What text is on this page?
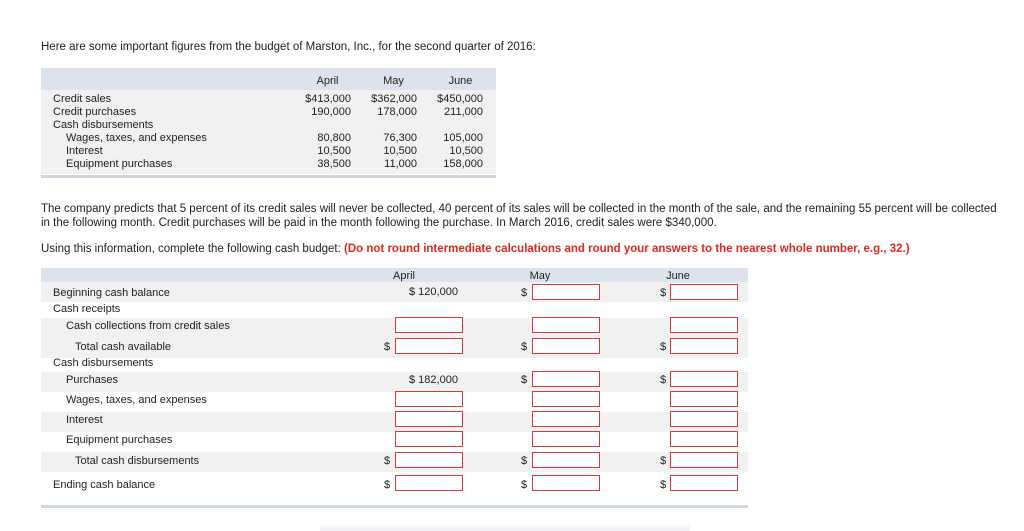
Here are some important figures from the budget of Marston, Inc., for the second quarter of 2016:
April	May	June
Credit sales	$413,000	$362,000	$450,000
Credit purchases	190,000	178,000	211,000
Cash disbursements
Wages, taxes, and expenses	80,800	76,300	105,000
Interest	10,500	10,500	10,500
Equipment purchases	38,500	11,000	158,000
The company predicts that 5 percent of its credit sales will never be collected, 40 percent of its sales will be collected in the month of the sale, and the remaining 55 percent will be collected in the following month. Credit purchases will be paid in the month following the purchase. In March 2016, credit sales were $340,000.
Using this information, complete the following cash budget: (Do not round intermediate calculations and round your answers to the nearest whole number, e.g., 32.)
April	May	June
Beginning cash balance	$ 120,000	$	$
Cash receipts
Cash collections from credit sales
Total cash available	$	$	$
Cash disbursements
Purchases	$ 182,000	$	$
Wages, taxes, and expenses
Interest
Equipment purchases
Total cash disbursements	$	$	$
Ending cash balance	$	$	$
